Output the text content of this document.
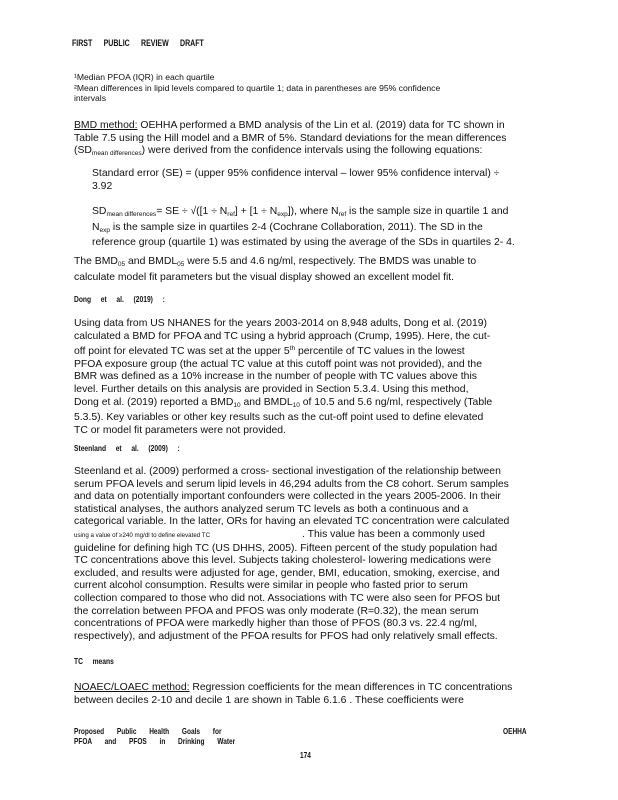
FIRST PUBLIC REVIEW DRAFT
¹Median PFOA (IQR) in each quartile
²Mean differences in lipid levels compared to quartile 1; data in parentheses are 95% confidence
intervals
BMD method: OEHHA performed a BMD analysis of the Lin et al. (2019) data for TC shown in
Table 7.5 using the Hill model and a BMR of 5%. Standard deviations for the mean differences
$(SD_{mean differences})$ were derived from the confidence intervals using the following equations:
Standard error (SE) = (upper 95% confidence interval – lower 95% confidence interval) ÷
3.92
$SD_{mean differences}=$ SE ÷ $√([1 \div N_{ref}] + [1 \div N_{exp}])$, where $N_{ref}$ is the sample size in quartile 1 and
$N_{exp}$ is the sample size in quartiles 2-4 (Cochrane Collaboration, 2011). The SD in the
reference group (quartile 1) was estimated by using the average of the SDs in quartiles 2- 4.
The $BMD_{05}$ and $BMDL_{05}$ were 5.5 and 4.6 ng/ml, respectively. The BMDS was unable to
calculate model fit parameters but the visual display showed an excellent model fit.
Dong et al. (2019) :
Using data from US NHANES for the years 2003-2014 on 8,948 adults, Dong et al. (2019)
calculated a BMD for PFOA and TC using a hybrid approach (Crump, 1995). Here, the cut-
off point for elevated TC was set at the upper 5th percentile of TC values in the lowest
PFOA exposure group (the actual TC value at this cutoff point was not provided), and the
BMR was defined as a 10% increase in the number of people with TC values above this
level. Further details on this analysis are provided in Section 5.3.4. Using this method,
Dong et al. (2019) reported a $BMD_{10}$ and $BMDL_{10}$ of 10.5 and 5.6 ng/ml, respectively (Table
5.3.5). Key variables or other key results such as the cut-off point used to define elevated
TC or model fit parameters were not provided.
Steenland et al. (2009) :
Steenland et al. (2009) performed a cross- sectional investigation of the relationship between
serum PFOA levels and serum lipid levels in 46,294 adults from the C8 cohort. Serum samples
and data on potentially important confounders were collected in the years 2005-2006. In their
statistical analyses, the authors analyzed serum TC levels as both a continuous and a
categorical variable. In the latter, ORs for having an elevated TC concentration were calculated
using a value of ≥240 mg/dl to define elevated TC	. This value has been a commonly used
guideline for defining high TC (US DHHS, 2005). Fifteen percent of the study population had
TC concentrations above this level. Subjects taking cholesterol- lowering medications were
excluded, and results were adjusted for age, gender, BMI, education, smoking, exercise, and
current alcohol consumption. Results were similar in people who fasted prior to serum
collection compared to those who did not. Associations with TC were also seen for PFOS but
the correlation between PFOA and PFOS was only moderate (R=0.32), the mean serum
concentrations of PFOA were markedly higher than those of PFOS (80.3 vs. 22.4 ng/ml,
respectively), and adjustment of the PFOA results for PFOS had only relatively small effects.
TC means
NOAEC/LOAEC method: Regression coefficients for the mean differences in TC concentrations
between deciles 2-10 and decile 1 are shown in Table 6.1.6 . These coefficients were
Proposed Public Health Goals for
PFOA and PFOS in Drinking Water
OEHHA
174
